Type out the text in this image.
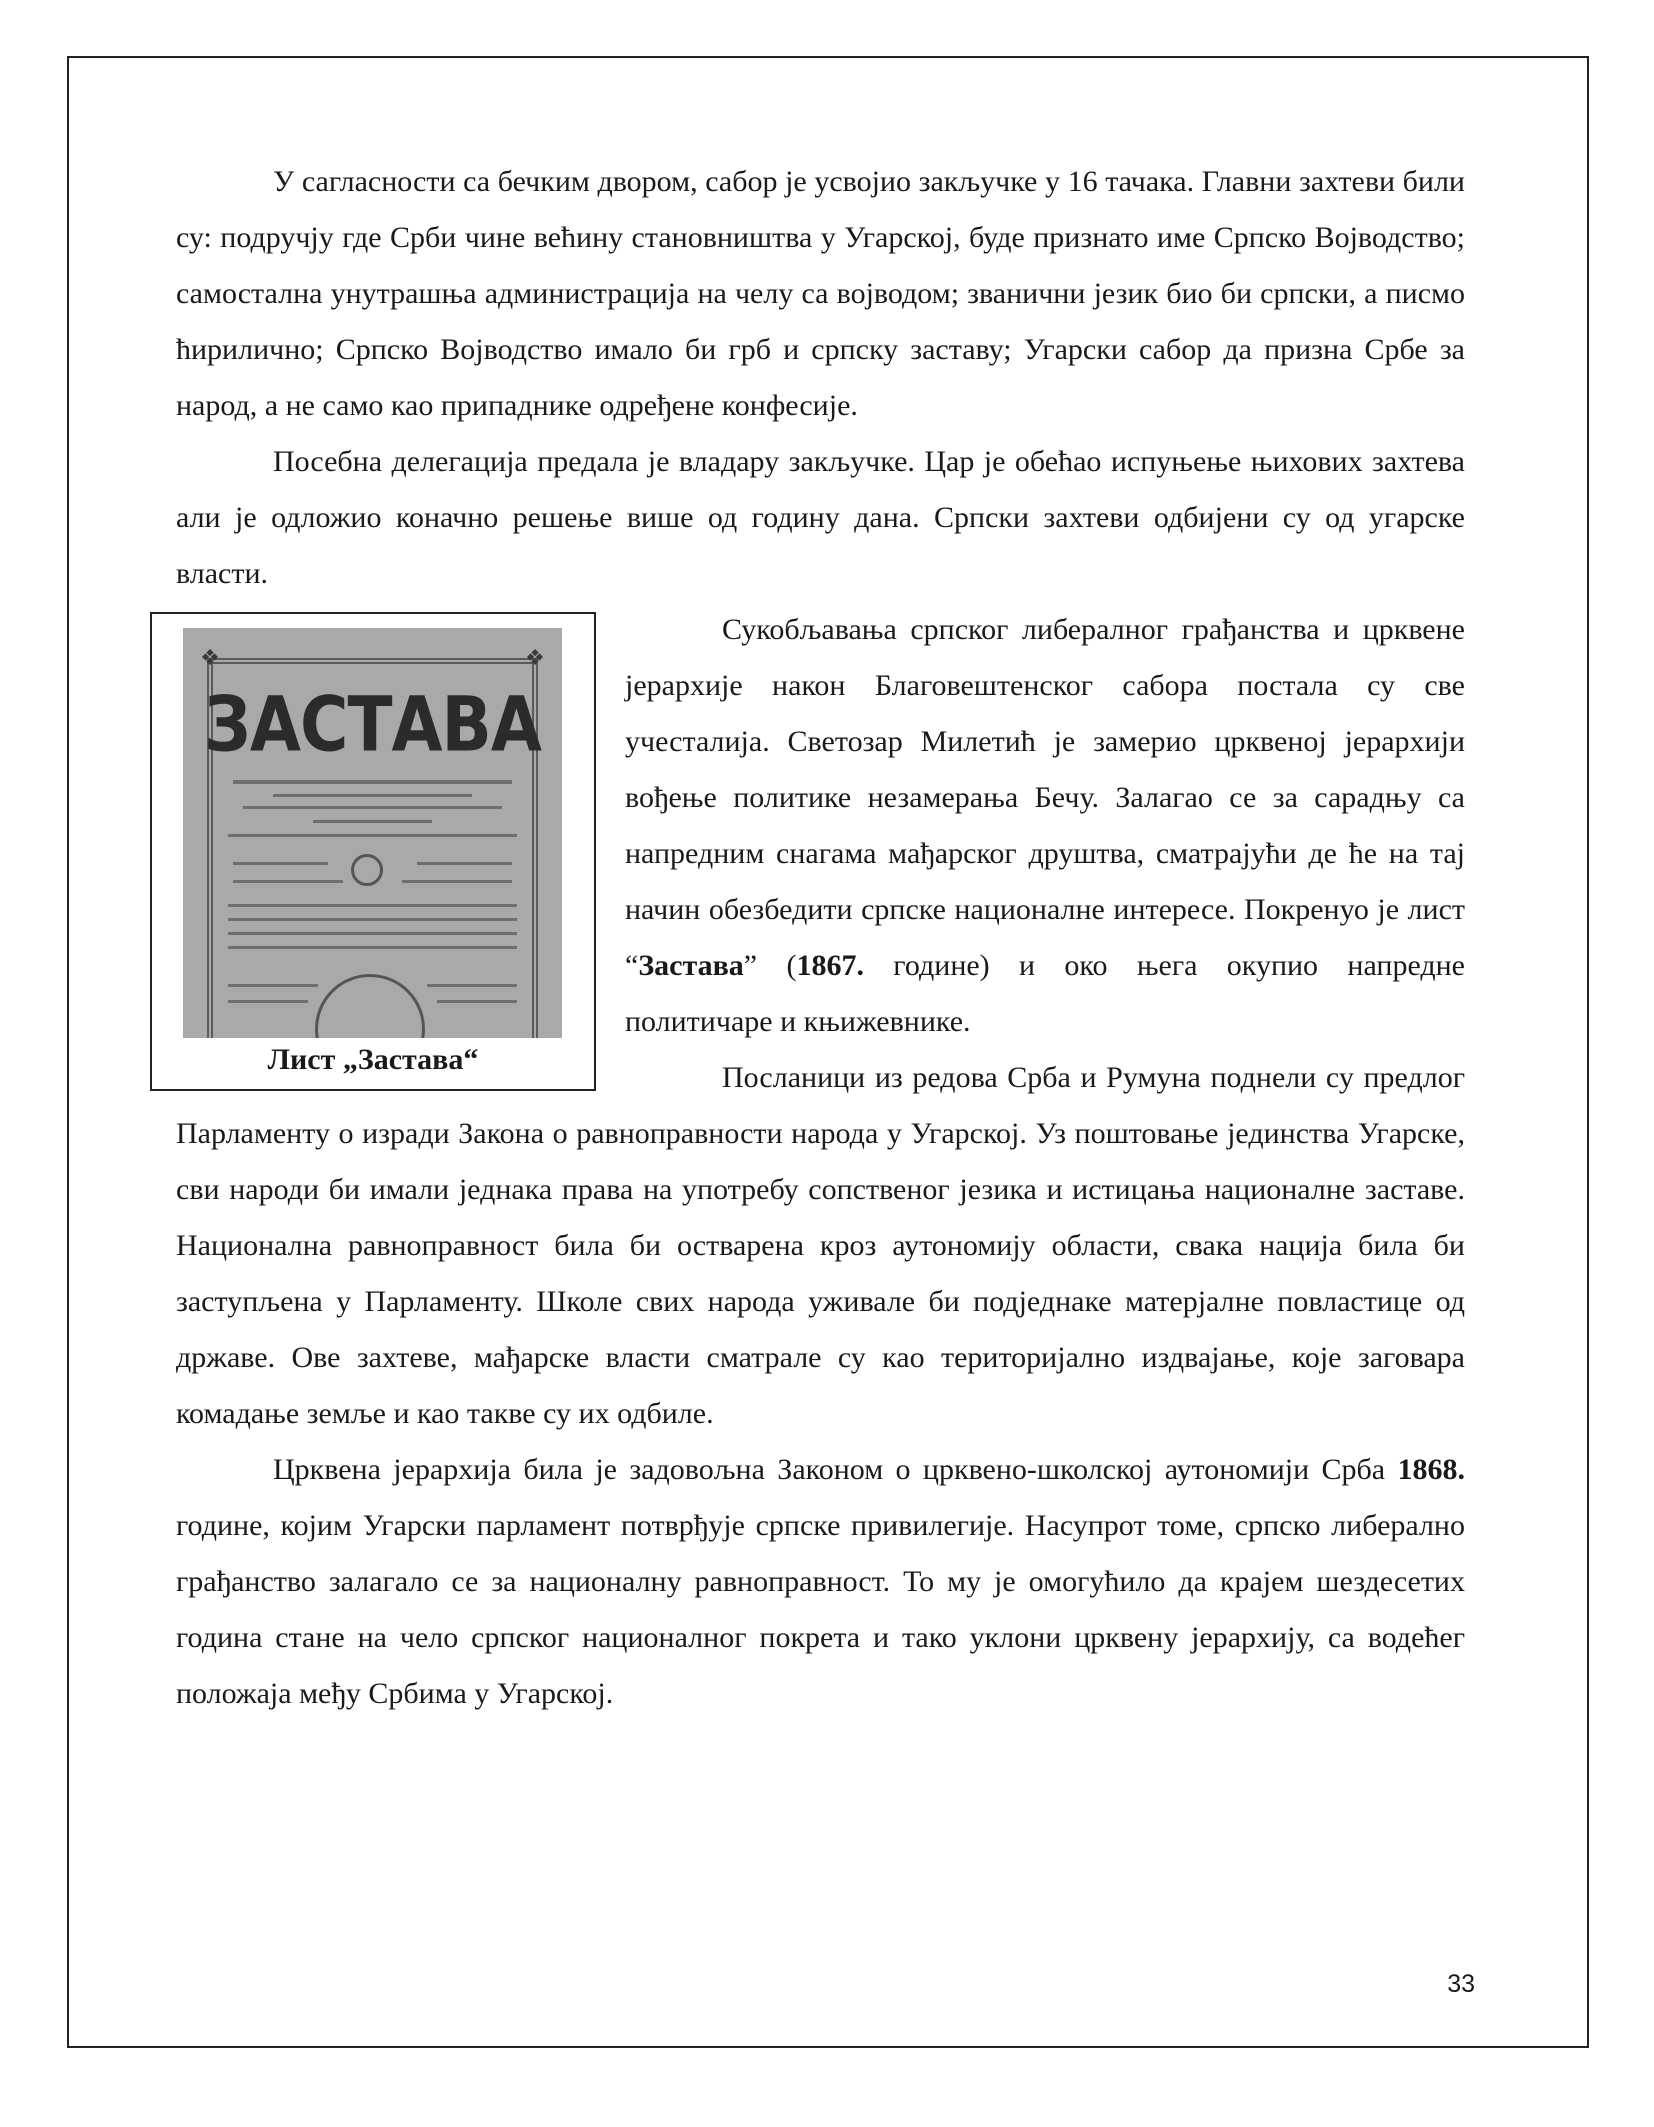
У сагласности са бечким двором, сабор је усвојио закључке у 16 тачака. Главни захтеви били су: подручју где Срби чине већину становништва у Угарској, буде признато име Српско Војводство; самостална унутрашња администрација на челу са војводом; званични језик био би српски, а писмо ћирилично; Српско Војводство имало би грб и српску заставу; Угарски сабор да призна Србе за народ, а не само као припаднике одређене конфесије.

Посебна делегација предала је владару закључке. Цар је обећао испуњење њихових захтева али је одложио коначно решење више од годину дана. Српски захтеви одбијени су од угарске власти.

❖	❖
ЗАСТАВА
Лист „Застава“

Сукобљавања српског либералног грађанства и црквене јерархије након Благовештенског сабора постала су све учесталија. Светозар Милетић је замерио црквеној јерархији вођење политике незамерања Бечу. Залагао се за сарадњу са напредним снагама мађарског друштва, сматрајући де ће на тај начин обезбедити српске националне интересе. Покренуо је лист “Застава” (1867. године) и око њега окупио напредне политичаре и књижевнике.

Посланици из редова Срба и Румуна поднели су предлог Парламенту о изради Закона о равноправности народа у Угарској. Уз поштовање јединства Угарске, сви народи би имали једнака права на употребу сопственог језика и истицања националне заставе. Национална равноправност била би остварена кроз аутономију области, свака нација била би заступљена у Парламенту. Школе свих народа уживале би подједнаке матерјалне повластице од државе. Ове захтеве, мађарске власти сматрале су као територијално издвајање, које заговара комадање земље и као такве су их одбиле.

Црквена јерархија била је задовољна Законом о црквено-школској аутономији Срба 1868. године, којим Угарски парламент потврђује српске привилегије. Насупрот томе, српско либерално грађанство залагало се за националну равноправност. То му је омогућило да крајем шездесетих година стане на чело српског националног покрета и тако уклони црквену јерархију, са водећег положаја међу Србима у Угарској.

33
